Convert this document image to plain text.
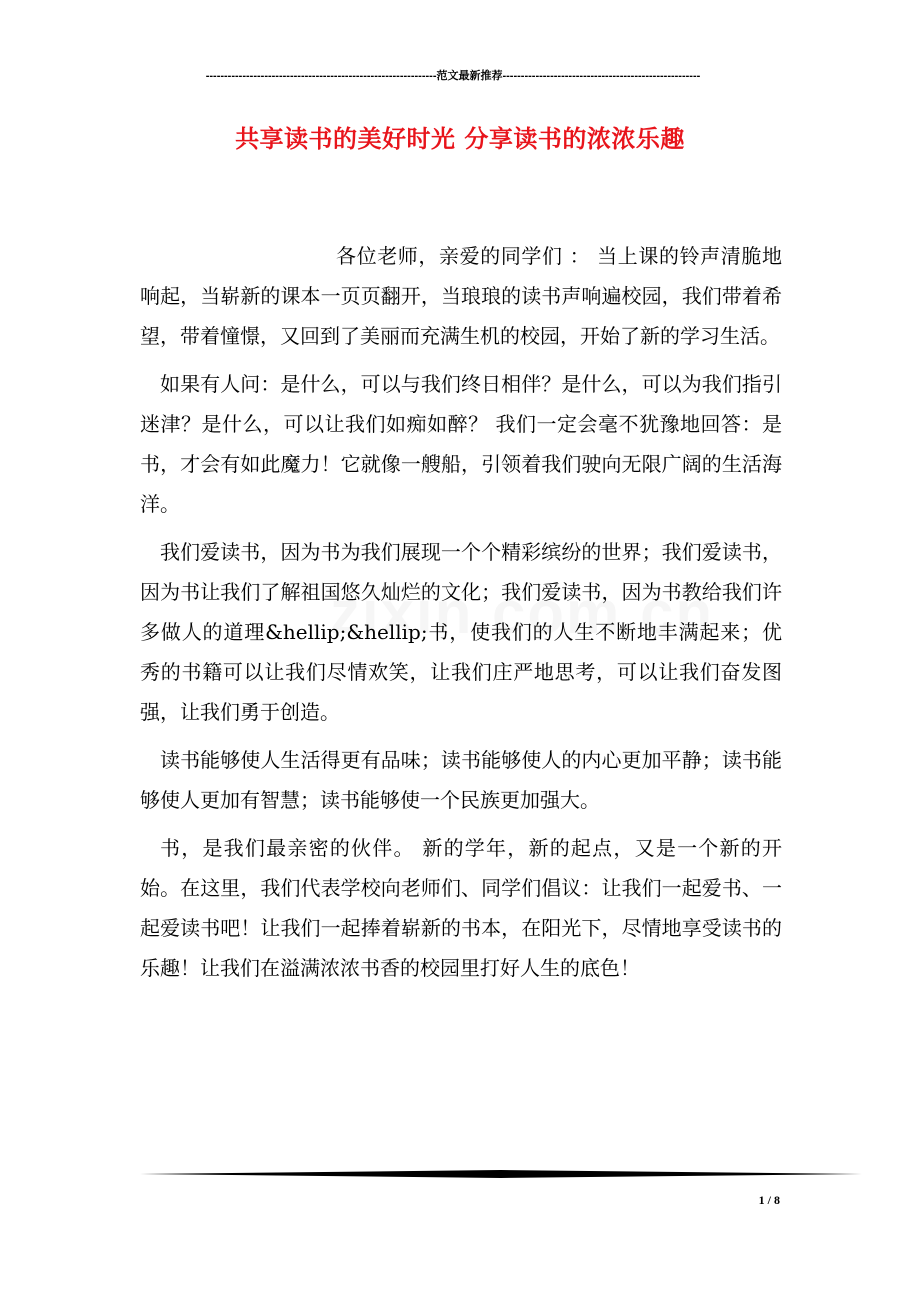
---------------------------------------------------------------范文最新推荐------------------------------------------------------
共享读书的美好时光 分享读书的浓浓乐趣

各位老师，亲爱的同学们 ： 当上课的铃声清脆地响起，当崭新的课本一页页翻开，当琅琅的读书声响遍校园，我们带着希望，带着憧憬，又回到了美丽而充满生机的校园，开始了新的学习生活。

如果有人问：是什么，可以与我们终日相伴？是什么，可以为我们指引迷津？是什么，可以让我们如痴如醉？ 我们一定会毫不犹豫地回答：是书，才会有如此魔力！它就像一艘船，引领着我们驶向无限广阔的生活海洋。

我们爱读书，因为书为我们展现一个个精彩缤纷的世界；我们爱读书，因为书让我们了解祖国悠久灿烂的文化；我们爱读书，因为书教给我们许多做人的道理&hellip;&hellip;书，使我们的人生不断地丰满起来；优秀的书籍可以让我们尽情欢笑，让我们庄严地思考，可以让我们奋发图强，让我们勇于创造。

读书能够使人生活得更有品味；读书能够使人的内心更加平静；读书能够使人更加有智慧；读书能够使一个民族更加强大。

书，是我们最亲密的伙伴。 新的学年，新的起点，又是一个新的开始。在这里，我们代表学校向老师们、同学们倡议：让我们一起爱书、一起爱读书吧！让我们一起捧着崭新的书本，在阳光下，尽情地享受读书的乐趣！让我们在溢满浓浓书香的校园里打好人生的底色！

1 / 8
